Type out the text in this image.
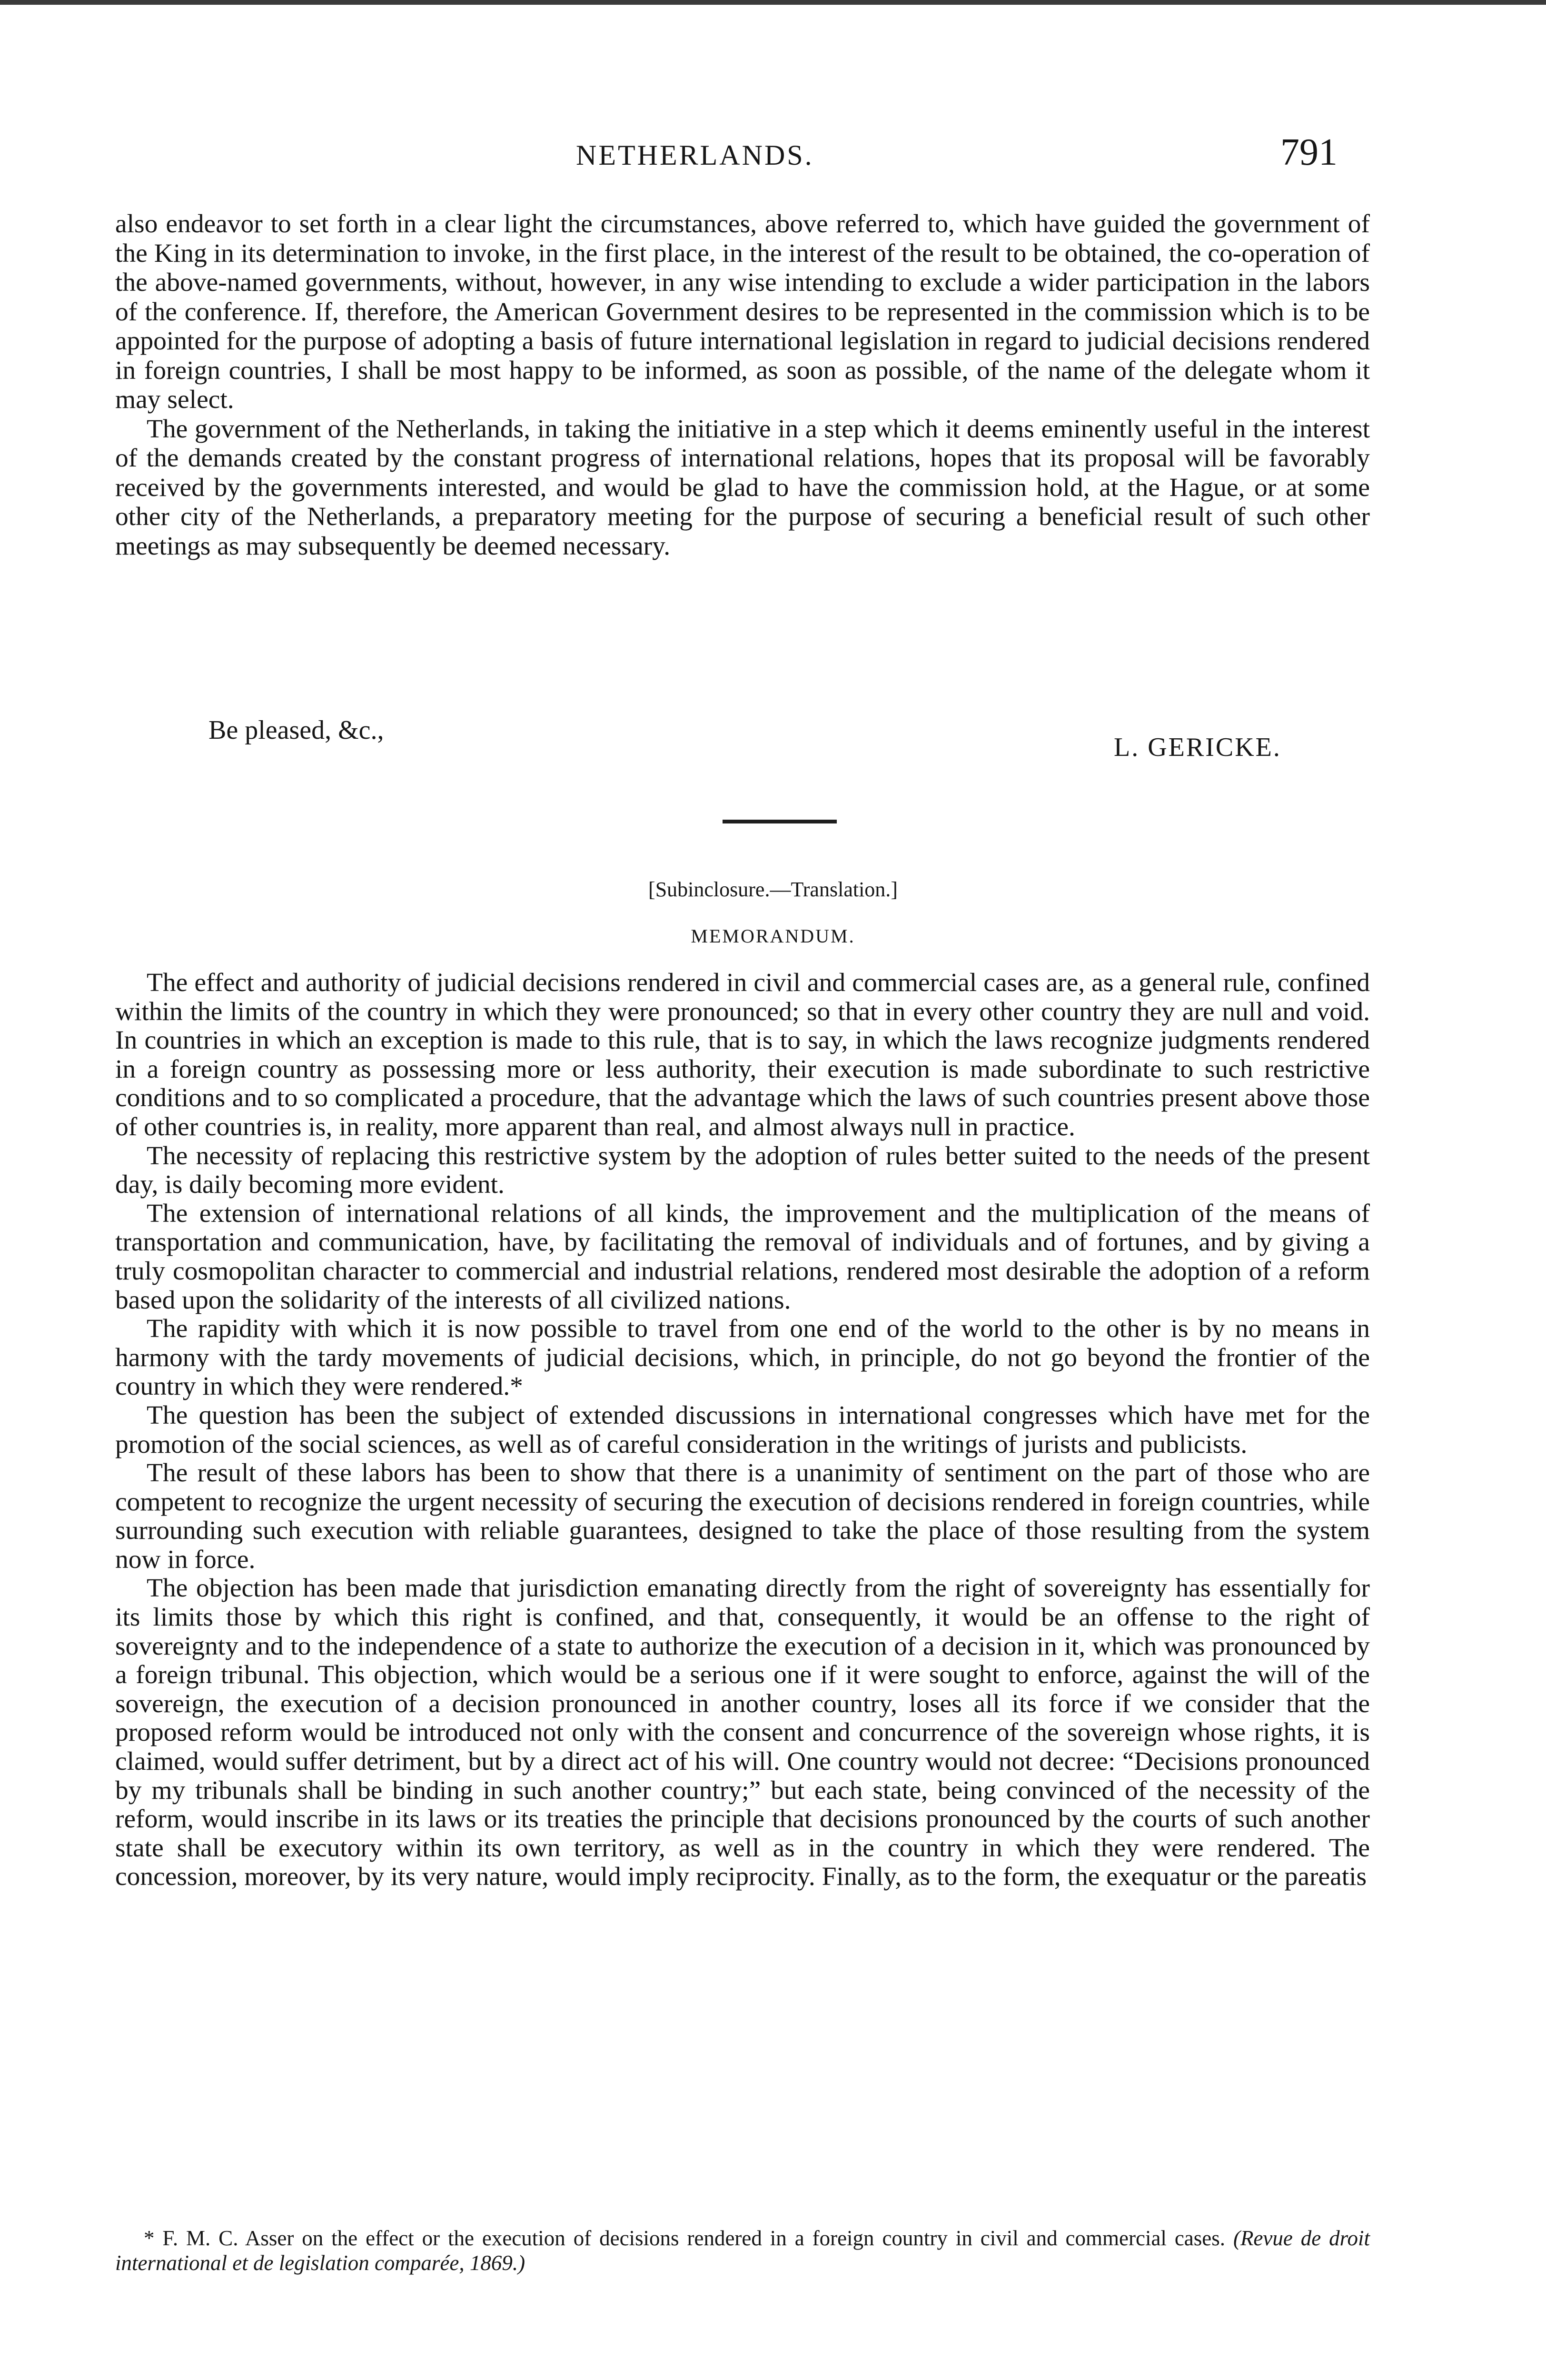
NETHERLANDS.	791

also endeavor to set forth in a clear light the circumstances, above referred to, which have guided the government of the King in its determination to invoke, in the first place, in the interest of the result to be obtained, the co-operation of the above-named governments, without, however, in any wise intending to exclude a wider participation in the labors of the conference. If, therefore, the American Government desires to be represented in the commission which is to be appointed for the purpose of adopting a basis of future international legislation in regard to judicial decisions rendered in foreign countries, I shall be most happy to be informed, as soon as possible, of the name of the delegate whom it may select.

The government of the Netherlands, in taking the initiative in a step which it deems eminently useful in the interest of the demands created by the constant progress of international relations, hopes that its proposal will be favorably received by the governments interested, and would be glad to have the commission hold, at the Hague, or at some other city of the Netherlands, a preparatory meeting for the purpose of securing a beneficial result of such other meetings as may subsequently be deemed necessary.

Be pleased, &c.,
L. GERICKE.
[Subinclosure.—Translation.]
MEMORANDUM.

The effect and authority of judicial decisions rendered in civil and commercial cases are, as a general rule, confined within the limits of the country in which they were pronounced; so that in every other country they are null and void. In countries in which an exception is made to this rule, that is to say, in which the laws recognize judgments rendered in a foreign country as possessing more or less authority, their execution is made subordinate to such restrictive conditions and to so complicated a procedure, that the advantage which the laws of such countries present above those of other countries is, in reality, more apparent than real, and almost always null in practice.

The necessity of replacing this restrictive system by the adoption of rules better suited to the needs of the present day, is daily becoming more evident.

The extension of international relations of all kinds, the improvement and the multiplication of the means of transportation and communication, have, by facilitating the removal of individuals and of fortunes, and by giving a truly cosmopolitan character to commercial and industrial relations, rendered most desirable the adoption of a reform based upon the solidarity of the interests of all civilized nations.

The rapidity with which it is now possible to travel from one end of the world to the other is by no means in harmony with the tardy movements of judicial decisions, which, in principle, do not go beyond the frontier of the country in which they were rendered.*

The question has been the subject of extended discussions in international congresses which have met for the promotion of the social sciences, as well as of careful consideration in the writings of jurists and publicists.

The result of these labors has been to show that there is a unanimity of sentiment on the part of those who are competent to recognize the urgent necessity of securing the execution of decisions rendered in foreign countries, while surrounding such execution with reliable guarantees, designed to take the place of those resulting from the system now in force.

The objection has been made that jurisdiction emanating directly from the right of sovereignty has essentially for its limits those by which this right is confined, and that, consequently, it would be an offense to the right of sovereignty and to the independence of a state to authorize the execution of a decision in it, which was pronounced by a foreign tribunal. This objection, which would be a serious one if it were sought to enforce, against the will of the sovereign, the execution of a decision pronounced in another country, loses all its force if we consider that the proposed reform would be introduced not only with the consent and concurrence of the sovereign whose rights, it is claimed, would suffer detriment, but by a direct act of his will. One country would not decree: “Decisions pronounced by my tribunals shall be binding in such another country;” but each state, being convinced of the necessity of the reform, would inscribe in its laws or its treaties the principle that decisions pronounced by the courts of such another state shall be executory within its own territory, as well as in the country in which they were rendered. The concession, moreover, by its very nature, would imply reciprocity. Finally, as to the form, the exequatur or the pareatis

* F. M. C. Asser on the effect or the execution of decisions rendered in a foreign country in civil and commercial cases. (Revue de droit international et de legislation comparée, 1869.)
